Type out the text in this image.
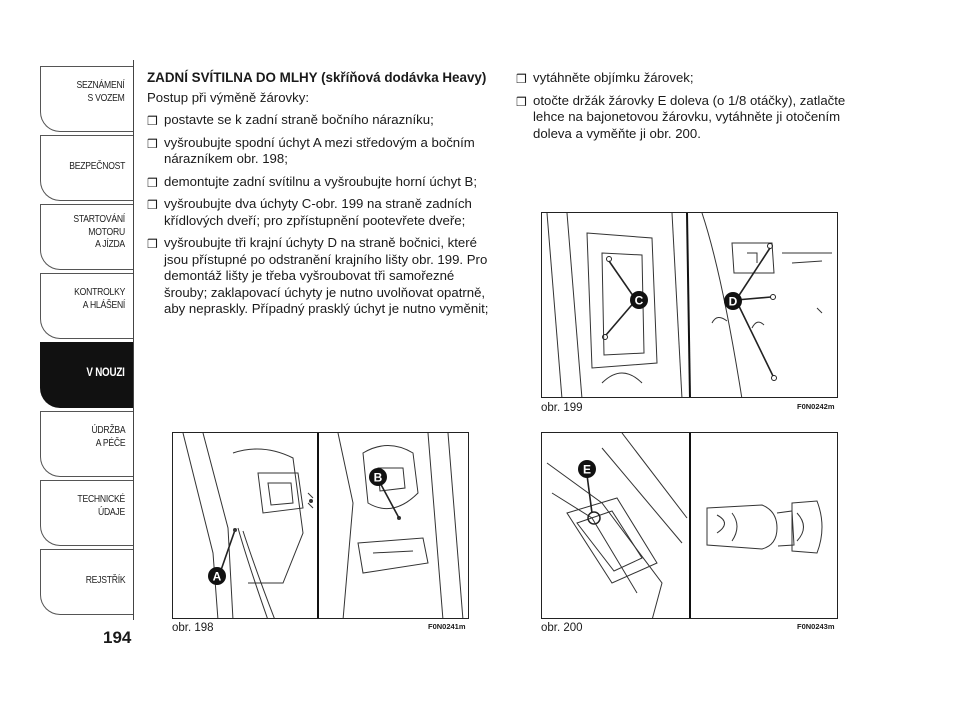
SEZNÁMENÍ
S VOZEM
BEZPEČNOST
STARTOVÁNÍ
MOTORU
A JÍZDA
KONTROLKY
A HLÁŠENÍ
V NOUZI
ÚDRŽBA
A PÉČE
TECHNICKÉ
ÚDAJE
REJSTŘÍK
194
ZADNÍ SVÍTILNA DO MLHY (skříňová dodávka Heavy)
Postup při výměně žárovky:
❒ postavte se k zadní straně bočního nárazníku;
❒ vyšroubujte spodní úchyt A mezi středovým a bočním nárazníkem obr. 198;
❒ demontujte zadní svítilnu a vyšroubujte horní úchyt B;
❒ vyšroubujte dva úchyty C-obr. 199 na straně zadních křídlových dveří; pro zpřístupnění pootevřete dveře;
❒ vyšroubujte tři krajní úchyty D na straně bočnici, které jsou přístupné po odstranění krajního lišty obr. 199. Pro demontáž lišty je třeba vyšroubovat tři samořezné šrouby; zaklapovací úchyty je nutno uvolňovat opatrně, aby nepraskly. Případný prasklý úchyt je nutno vyměnit;
❒ vytáhněte objímku žárovek;
❒ otočte držák žárovky E doleva (o 1/8 otáčky), zatlačte lehce na bajonetovou žárovku, vytáhněte ji otočením doleva a vyměňte ji obr. 200.
B
A
obr. 198	F0N0241m
C	D
obr. 199	F0N0242m
E
obr. 200	F0N0243m
